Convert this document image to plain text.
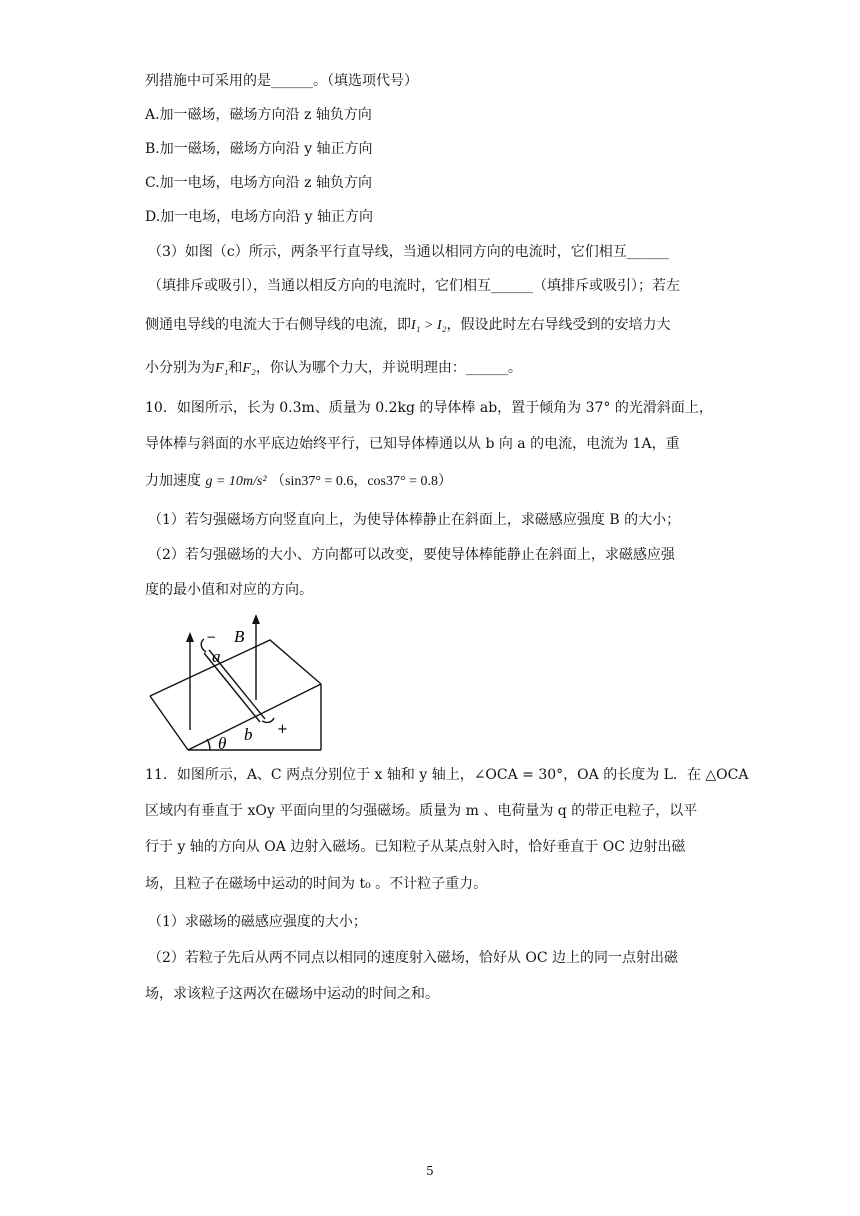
列措施中可采用的是______。（填选项代号）
A.加一磁场，磁场方向沿 z 轴负方向
B.加一磁场，磁场方向沿 y 轴正方向
C.加一电场，电场方向沿 z 轴负方向
D.加一电场，电场方向沿 y 轴正方向
（3）如图（c）所示，两条平行直导线，当通以相同方向的电流时，它们相互______
（填排斥或吸引），当通以相反方向的电流时，它们相互______（填排斥或吸引）；若左
侧通电导线的电流大于右侧导线的电流，即I₁ > I₂，假设此时左右导线受到的安培力大
小分别为为F₁和F₂，你认为哪个力大，并说明理由：______。
10．如图所示，长为 0.3m、质量为 0.2kg 的导体棒 ab，置于倾角为 37° 的光滑斜面上，
导体棒与斜面的水平底边始终平行，已知导体棒通以从 b 向 a 的电流，电流为 1A，重
力加速度 g = 10m/s² （sin37° = 0.6，cos37° = 0.8）
（1）若匀强磁场方向竖直向上，为使导体棒静止在斜面上，求磁感应强度 B 的大小；
（2）若匀强磁场的大小、方向都可以改变，要使导体棒能静止在斜面上，求磁感应强
度的最小值和对应的方向。
B
a
b
θ
−
+
11．如图所示，A、C 两点分别位于 x 轴和 y 轴上，∠OCA = 30°，OA 的长度为 L．在 △OCA
区域内有垂直于 xOy 平面向里的匀强磁场。质量为 m 、电荷量为 q 的带正电粒子，以平
行于 y 轴的方向从 OA 边射入磁场。已知粒子从某点射入时，恰好垂直于 OC 边射出磁
场，且粒子在磁场中运动的时间为 t₀ 。不计粒子重力。
（1）求磁场的磁感应强度的大小；
（2）若粒子先后从两不同点以相同的速度射入磁场，恰好从 OC 边上的同一点射出磁
场，求该粒子这两次在磁场中运动的时间之和。
5
